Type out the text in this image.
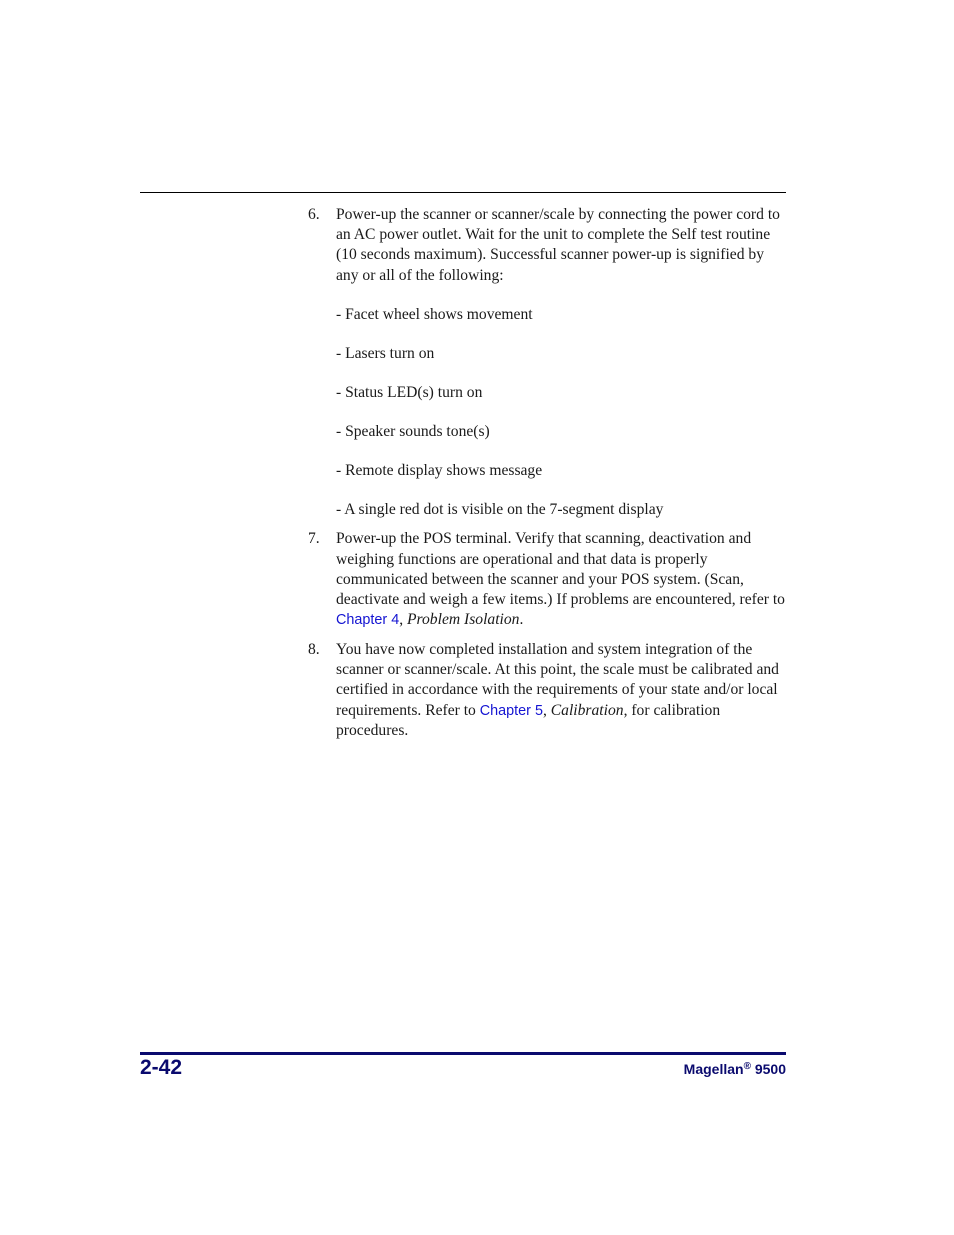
6. Power-up the scanner or scanner/scale by connecting the power cord to an AC power outlet. Wait for the unit to complete the Self test routine (10 seconds maximum). Successful scanner power-up is signified by any or all of the following:
- Facet wheel shows movement
- Lasers turn on
- Status LED(s) turn on
- Speaker sounds tone(s)
- Remote display shows message
- A single red dot is visible on the 7-segment display
7. Power-up the POS terminal. Verify that scanning, deactivation and weighing functions are operational and that data is properly communicated between the scanner and your POS system. (Scan, deactivate and weigh a few items.) If problems are encountered, refer to Chapter 4, Problem Isolation.
8. You have now completed installation and system integration of the scanner or scanner/scale. At this point, the scale must be calibrated and certified in accordance with the requirements of your state and/or local requirements. Refer to Chapter 5, Calibration, for calibration procedures.
2-42	Magellan® 9500
